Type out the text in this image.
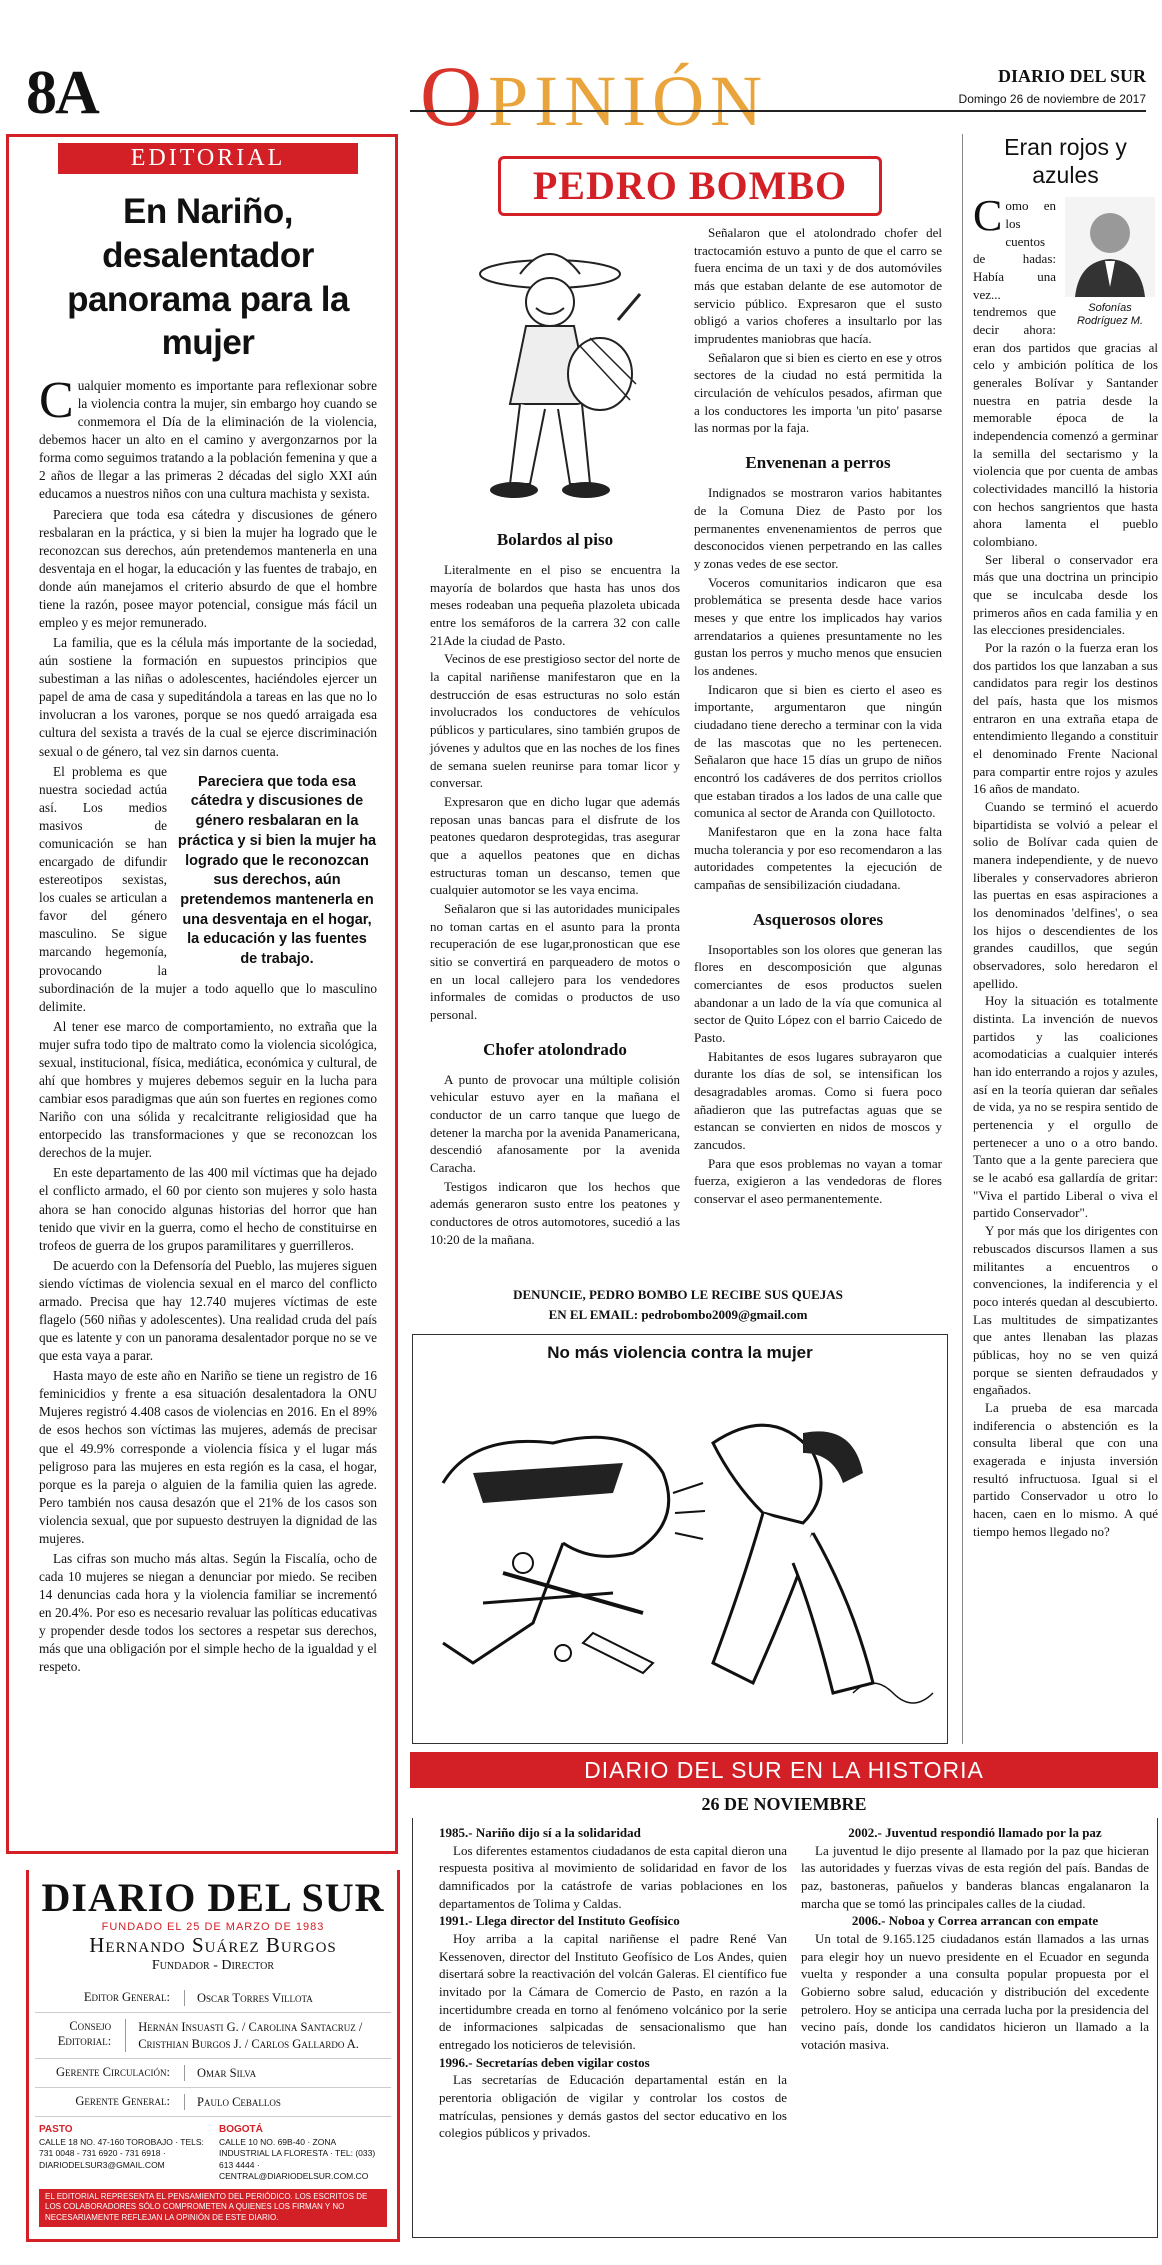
8A	OPINIÓN	DIARIO DEL SUR
Domingo 26 de noviembre de 2017
EDITORIAL
En Nariño, desalentador panorama para la mujer

Cualquier momento es importante para reflexionar sobre la violencia contra la mujer, sin embargo hoy cuando se conmemora el Día de la eliminación de la violencia, debemos hacer un alto en el camino y avergonzarnos por la forma como seguimos tratando a la población femenina y que a 2 años de llegar a las primeras 2 décadas del siglo XXI aún educamos a nuestros niños con una cultura machista y sexista.

Pareciera que toda esa cátedra y discusiones de género resbalaran en la práctica, y si bien la mujer ha logrado que le reconozcan sus derechos, aún pretendemos mantenerla en una desventaja en el hogar, la educación y las fuentes de trabajo, en donde aún manejamos el criterio absurdo de que el hombre tiene la razón, posee mayor potencial, consigue más fácil un empleo y es mejor remunerado.

La familia, que es la célula más importante de la sociedad, aún sostiene la formación en supuestos principios que subestiman a las niñas o adolescentes, haciéndoles ejercer un papel de ama de casa y supeditándola a tareas en las que no lo involucran a los varones, porque se nos quedó arraigada esa cultura del sexista a través de la cual se ejerce discriminación sexual o de género, tal vez sin darnos cuenta.

Pareciera que toda esa cátedra y discusiones de género resbalaran en la práctica y si bien la mujer ha logrado que le reconozcan sus derechos, aún pretendemos mantenerla en una desventaja en el hogar, la educación y las fuentes de trabajo.

El problema es que nuestra sociedad actúa así. Los medios masivos de comunicación se han encargado de difundir estereotipos sexistas, los cuales se articulan a favor del género masculino. Se sigue marcando hegemonía, provocando la subordinación de la mujer a todo aquello que lo masculino delimite.

Al tener ese marco de comportamiento, no extraña que la mujer sufra todo tipo de maltrato como la violencia sicológica, sexual, institucional, física, mediática, económica y cultural, de ahí que hombres y mujeres debemos seguir en la lucha para cambiar esos paradigmas que aún son fuertes en regiones como Nariño con una sólida y recalcitrante religiosidad que ha entorpecido las transformaciones y que se reconozcan los derechos de la mujer.

En este departamento de las 400 mil víctimas que ha dejado el conflicto armado, el 60 por ciento son mujeres y solo hasta ahora se han conocido algunas historias del horror que han tenido que vivir en la guerra, como el hecho de constituirse en trofeos de guerra de los grupos paramilitares y guerrilleros.

De acuerdo con la Defensoría del Pueblo, las mujeres siguen siendo víctimas de violencia sexual en el marco del conflicto armado. Precisa que hay 12.740 mujeres víctimas de este flagelo (560 niñas y adolescentes). Una realidad cruda del país que es latente y con un panorama desalentador porque no se ve que esta vaya a parar.

Hasta mayo de este año en Nariño se tiene un registro de 16 feminicidios y frente a esa situación desalentadora la ONU Mujeres registró 4.408 casos de violencias en 2016. En el 89% de esos hechos son víctimas las mujeres, además de precisar que el 49.9% corresponde a violencia física y el lugar más peligroso para las mujeres en esta región es la casa, el hogar, porque es la pareja o alguien de la familia quien las agrede. Pero también nos causa desazón que el 21% de los casos son violencia sexual, que por supuesto destruyen la dignidad de las mujeres.

Las cifras son mucho más altas. Según la Fiscalía, ocho de cada 10 mujeres se niegan a denunciar por miedo. Se reciben 14 denuncias cada hora y la violencia familiar se incrementó en 20.4%. Por eso es necesario revaluar las políticas educativas y propender desde todos los sectores a respetar sus derechos, más que una obligación por el simple hecho de la igualdad y el respeto.

DIARIO DEL SUR
FUNDADO EL 25 DE MARZO DE 1983
Hernando Suárez Burgos
Fundador - Director
Editor General:	Oscar Torres Villota
Consejo Editorial:
Hernán Insuasti G. / Carolina Santacruz / Cristhian Burgos J. / Carlos Gallardo A.
Gerente Circulación:	Omar Silva
Gerente General:	Paulo Ceballos
PASTO
CALLE 18 NO. 47-160 TOROBAJO · TELS: 731 0048 - 731 6920 - 731 6918 · DIARIODELSUR3@GMAIL.COM
BOGOTÁ
CALLE 10 NO. 69B-40 · ZONA INDUSTRIAL LA FLORESTA · TEL: (033) 613 4444 · CENTRAL@DIARIODELSUR.COM.CO
EL EDITORIAL REPRESENTA EL PENSAMIENTO DEL PERIÓDICO. LOS ESCRITOS DE LOS COLABORADORES SÓLO COMPROMETEN A QUIENES LOS FIRMAN Y NO NECESARIAMENTE REFLEJAN LA OPINIÓN DE ESTE DIARIO.
PEDRO BOMBO
Bolardos al piso

Literalmente en el piso se encuentra la mayoría de bolardos que hasta has unos dos meses rodeaban una pequeña plazoleta ubicada entre los semáforos de la carrera 32 con calle 21Ade la ciudad de Pasto.

Vecinos de ese prestigioso sector del norte de la capital nariñense manifestaron que en la destrucción de esas estructuras no solo están involucrados los conductores de vehículos públicos y particulares, sino también grupos de jóvenes y adultos que en las noches de los fines de semana suelen reunirse para tomar licor y conversar.

Expresaron que en dicho lugar que además reposan unas bancas para el disfrute de los peatones quedaron desprotegidas, tras asegurar que a aquellos peatones que en dichas estructuras toman un descanso, temen que cualquier automotor se les vaya encima.

Señalaron que si las autoridades municipales no toman cartas en el asunto para la pronta recuperación de ese lugar,pronostican que ese sitio se convertirá en parqueadero de motos o en un local callejero para los vendedores informales de comidas o productos de uso personal.

Chofer atolondrado

A punto de provocar una múltiple colisión vehicular estuvo ayer en la mañana el conductor de un carro tanque que luego de detener la marcha por la avenida Panamericana, descendió afanosamente por la avenida Caracha.

Testigos indicaron que los hechos que además generaron susto entre los peatones y conductores de otros automotores, sucedió a las 10:20 de la mañana.

Señalaron que el atolondrado chofer del tractocamión estuvo a punto de que el carro se fuera encima de un taxi y de dos automóviles más que estaban delante de ese automotor de servicio público. Expresaron que el susto obligó a varios choferes a insultarlo por las imprudentes maniobras que hacía.

Señalaron que si bien es cierto en ese y otros sectores de la ciudad no está permitida la circulación de vehículos pesados, afirman que a los conductores les importa 'un pito' pasarse las normas por la faja.

Envenenan a perros

Indignados se mostraron varios habitantes de la Comuna Diez de Pasto por los permanentes envenenamientos de perros que desconocidos vienen perpetrando en las calles y zonas vedes de ese sector.

Voceros comunitarios indicaron que esa problemática se presenta desde hace varios meses y que entre los implicados hay varios arrendatarios a quienes presuntamente no les gustan los perros y mucho menos que ensucien los andenes.

Indicaron que si bien es cierto el aseo es importante, argumentaron que ningún ciudadano tiene derecho a terminar con la vida de las mascotas que no les pertenecen. Señalaron que hace 15 días un grupo de niños encontró los cadáveres de dos perritos criollos que estaban tirados a los lados de una calle que comunica al sector de Aranda con Quillotocto.

Manifestaron que en la zona hace falta mucha tolerancia y por eso recomendaron a las autoridades competentes la ejecución de campañas de sensibilización ciudadana.

Asquerosos olores

Insoportables son los olores que generan las flores en descomposición que algunas comerciantes de esos productos suelen abandonar a un lado de la vía que comunica al sector de Quito López con el barrio Caicedo de Pasto.

Habitantes de esos lugares subrayaron que durante los días de sol, se intensifican los desagradables aromas. Como si fuera poco añadieron que las putrefactas aguas que se estancan se convierten en nidos de moscos y zancudos.

Para que esos problemas no vayan a tomar fuerza, exigieron a las vendedoras de flores conservar el aseo permanentemente.

DENUNCIE, PEDRO BOMBO LE RECIBE SUS QUEJAS
EN EL EMAIL: pedrobombo2009@gmail.com
No más violencia contra la mujer
Eran rojos y azules
Sofonías Rodríguez M.

Como en los cuentos de hadas: Había una vez... tendremos que decir ahora: eran dos partidos que gracias al celo y ambición política de los generales Bolívar y Santander nuestra en patria desde la memorable época de la independencia comenzó a germinar la semilla del sectarismo y la violencia que por cuenta de ambas colectividades mancilló la historia con hechos sangrientos que hasta ahora lamenta el pueblo colombiano.

Ser liberal o conservador era más que una doctrina un principio que se inculcaba desde los primeros años en cada familia y en las elecciones presidenciales.

Por la razón o la fuerza eran los dos partidos los que lanzaban a sus candidatos para regir los destinos del país, hasta que los mismos entraron en una extraña etapa de entendimiento llegando a constituir el denominado Frente Nacional para compartir entre rojos y azules 16 años de mandato.

Cuando se terminó el acuerdo bipartidista se volvió a pelear el solio de Bolívar cada quien de manera independiente, y de nuevo liberales y conservadores abrieron las puertas en esas aspiraciones a los denominados 'delfines', o sea los hijos o descendientes de los grandes caudillos, que según observadores, solo heredaron el apellido.

Hoy la situación es totalmente distinta. La invención de nuevos partidos y las coaliciones acomodaticias a cualquier interés han ido enterrando a rojos y azules, así en la teoría quieran dar señales de vida, ya no se respira sentido de pertenencia y el orgullo de pertenecer a uno o a otro bando. Tanto que a la gente pareciera que se le acabó esa gallardía de gritar: "Viva el partido Liberal o viva el partido Conservador".

Y por más que los dirigentes con rebuscados discursos llamen a sus militantes a encuentros o convenciones, la indiferencia y el poco interés quedan al descubierto. Las multitudes de simpatizantes que antes llenaban las plazas públicas, hoy no se ven quizá porque se sienten defraudados y engañados.

La prueba de esa marcada indiferencia o abstención es la consulta liberal que con una exagerada e injusta inversión resultó infructuosa. Igual si el partido Conservador u otro lo hacen, caen en lo mismo. A qué tiempo hemos llegado no?

DIARIO DEL SUR EN LA HISTORIA
26 DE NOVIEMBRE
1985.- Nariño dijo sí a la solidaridad

Los diferentes estamentos ciudadanos de esta capital dieron una respuesta positiva al movimiento de solidaridad en favor de los damnificados por la catástrofe de varias poblaciones en los departamentos de Tolima y Caldas.

1991.- Llega director del Instituto Geofísico

Hoy arriba a la capital nariñense el padre René Van Kessenoven, director del Instituto Geofísico de Los Andes, quien disertará sobre la reactivación del volcán Galeras. El científico fue invitado por la Cámara de Comercio de Pasto, en razón a la incertidumbre creada en torno al fenómeno volcánico por la serie de informaciones salpicadas de sensacionalismo que han entregado los noticieros de televisión.

1996.- Secretarías deben vigilar costos

Las secretarías de Educación departamental están en la perentoria obligación de vigilar y controlar los costos de matrículas, pensiones y demás gastos del sector educativo en los colegios públicos y privados.

2002.- Juventud respondió llamado por la paz

La juventud le dijo presente al llamado por la paz que hicieran las autoridades y fuerzas vivas de esta región del país. Bandas de paz, bastoneras, pañuelos y banderas blancas engalanaron la marcha que se tomó las principales calles de la ciudad.

2006.- Noboa y Correa arrancan con empate

Un total de 9.165.125 ciudadanos están llamados a las urnas para elegir hoy un nuevo presidente en el Ecuador en segunda vuelta y responder a una consulta popular propuesta por el Gobierno sobre salud, educación y distribución del excedente petrolero. Hoy se anticipa una cerrada lucha por la presidencia del vecino país, donde los candidatos hicieron un llamado a la votación masiva.
